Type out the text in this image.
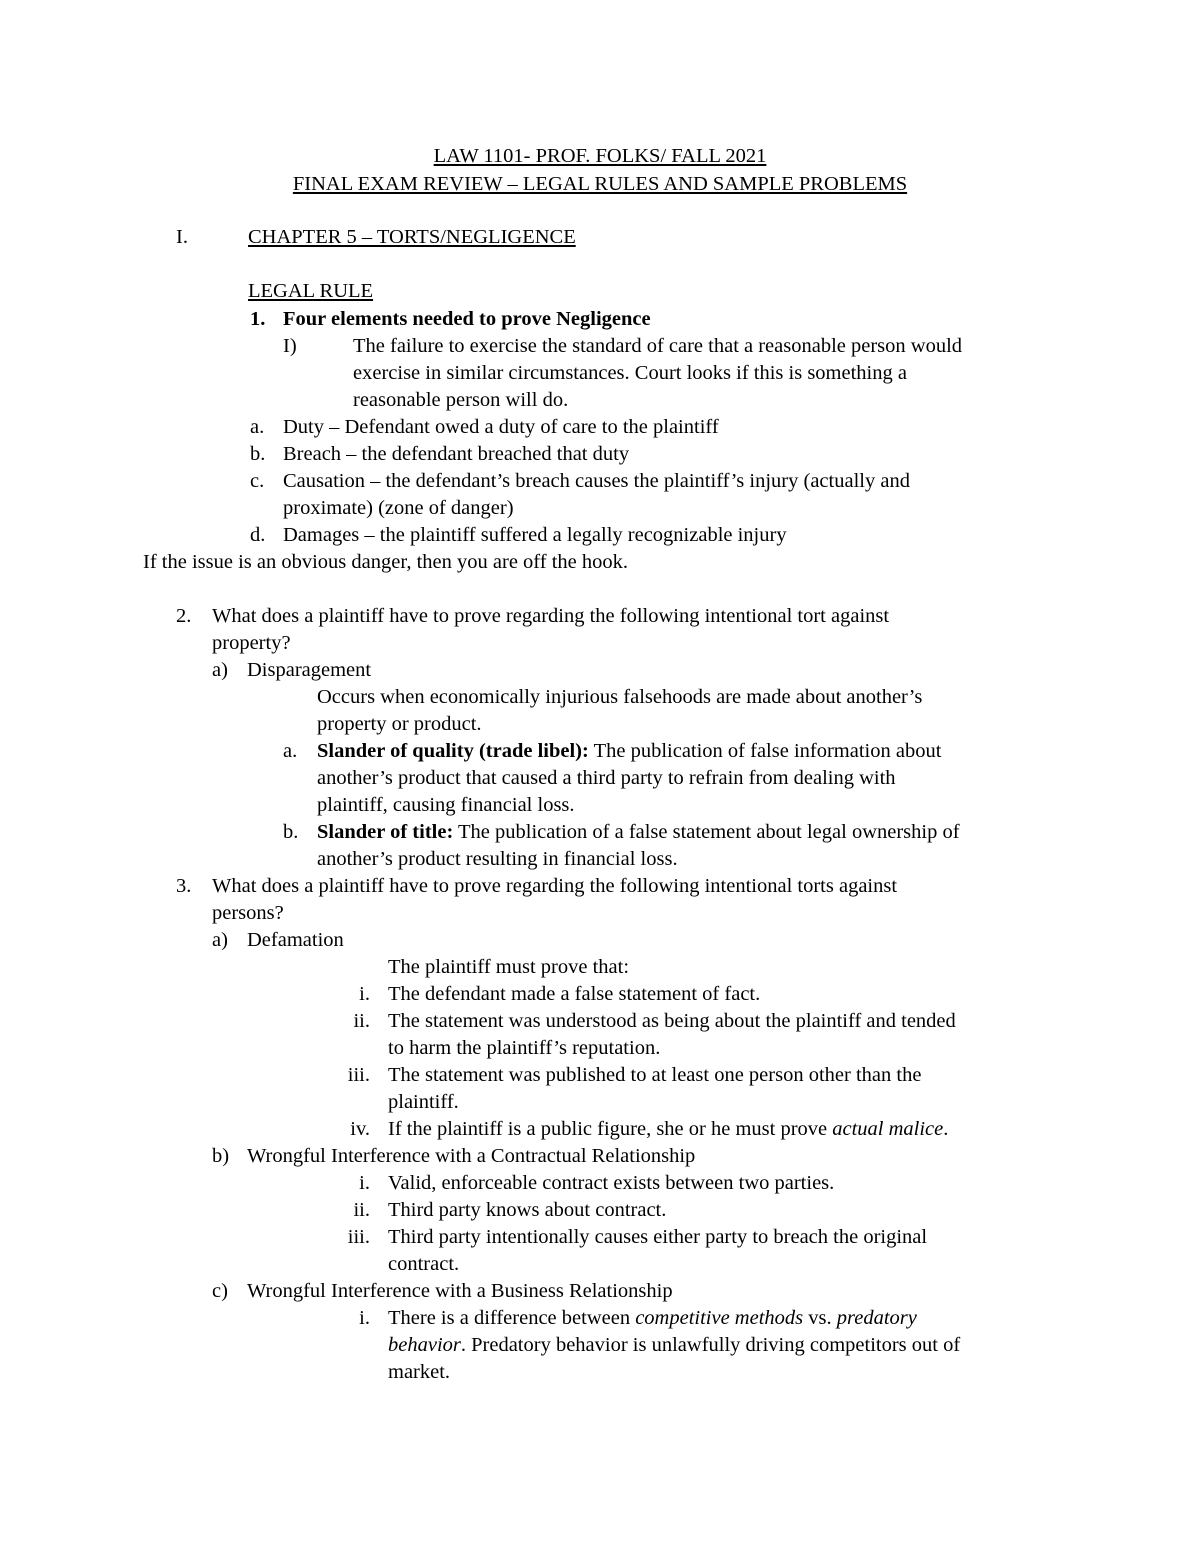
LAW 1101- PROF. FOLKS/ FALL 2021
FINAL EXAM REVIEW – LEGAL RULES AND SAMPLE PROBLEMS
I.	CHAPTER 5 – TORTS/NEGLIGENCE
LEGAL RULE
1. Four elements needed to prove Negligence
I)	The failure to exercise the standard of care that a reasonable person would
exercise in similar circumstances. Court looks if this is something a
reasonable person will do.
a. Duty – Defendant owed a duty of care to the plaintiff
b. Breach – the defendant breached that duty
c. Causation – the defendant’s breach causes the plaintiff’s injury (actually and
proximate) (zone of danger)
d. Damages – the plaintiff suffered a legally recognizable injury
If the issue is an obvious danger, then you are off the hook.
2. What does a plaintiff have to prove regarding the following intentional tort against
property?
a) Disparagement
Occurs when economically injurious falsehoods are made about another’s
property or product.
a. Slander of quality (trade libel): The publication of false information about
another’s product that caused a third party to refrain from dealing with
plaintiff, causing financial loss.
b. Slander of title: The publication of a false statement about legal ownership of
another’s product resulting in financial loss.
3. What does a plaintiff have to prove regarding the following intentional torts against
persons?
a) Defamation
The plaintiff must prove that:
i. The defendant made a false statement of fact.
ii. The statement was understood as being about the plaintiff and tended
to harm the plaintiff’s reputation.
iii. The statement was published to at least one person other than the
plaintiff.
iv. If the plaintiff is a public figure, she or he must prove actual malice.
b) Wrongful Interference with a Contractual Relationship
i. Valid, enforceable contract exists between two parties.
ii. Third party knows about contract.
iii. Third party intentionally causes either party to breach the original
contract.
c) Wrongful Interference with a Business Relationship
i. There is a difference between competitive methods vs. predatory
behavior. Predatory behavior is unlawfully driving competitors out of
market.
